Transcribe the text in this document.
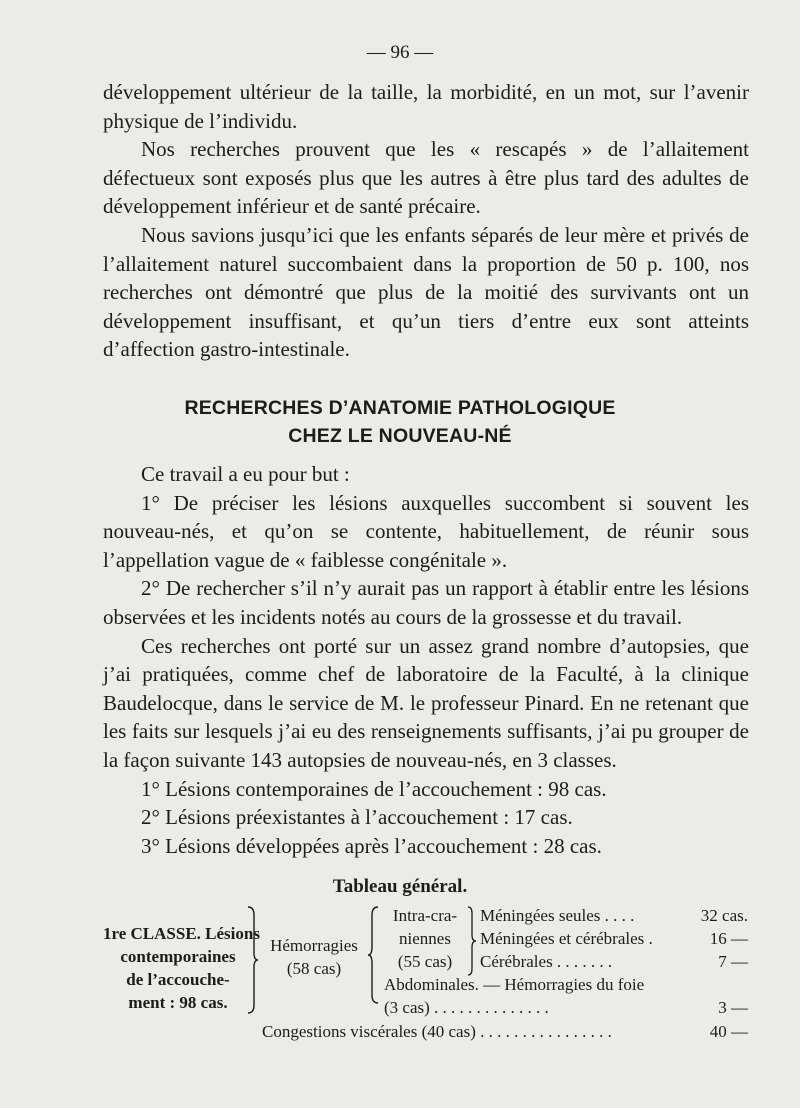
— 96 —

développement ultérieur de la taille, la morbidité, en un mot, sur l’avenir physique de l’individu.

Nos recherches prouvent que les « rescapés » de l’allaitement défectueux sont exposés plus que les autres à être plus tard des adultes de développement inférieur et de santé précaire.

Nous savions jusqu’ici que les enfants séparés de leur mère et privés de l’allaitement naturel succombaient dans la proportion de 50 p. 100, nos recherches ont démontré que plus de la moitié des survivants ont un développement insuffisant, et qu’un tiers d’entre eux sont atteints d’affection gastro-intestinale.

RECHERCHES D’ANATOMIE PATHOLOGIQUE
CHEZ LE NOUVEAU-NÉ

Ce travail a eu pour but :

1° De préciser les lésions auxquelles succombent si souvent les nouveau-nés, et qu’on se contente, habituellement, de réunir sous l’appellation vague de « faiblesse congénitale ».

2° De rechercher s’il n’y aurait pas un rapport à établir entre les lésions observées et les incidents notés au cours de la grossesse et du travail.

Ces recherches ont porté sur un assez grand nombre d’autopsies, que j’ai pratiquées, comme chef de laboratoire de la Faculté, à la clinique Baudelocque, dans le service de M. le professeur Pinard. En ne retenant que les faits sur lesquels j’ai eu des renseignements suffisants, j’ai pu grouper de la façon suivante 143 autopsies de nouveau-nés, en 3 classes.

1° Lésions contemporaines de l’accouchement : 98 cas.

2° Lésions préexistantes à l’accouchement : 17 cas.

3° Lésions développées après l’accouchement : 28 cas.

Tableau général.
1re CLASSE. Lésions
contemporaines
de l’accouche-
ment : 98 cas.
Hémorragies
(58 cas)
Intra-cra-
niennes
(55 cas)
Méningées seules . . . .
Méningées et cérébrales .
Cérébrales . . . . . . .
32 cas.
16 —
7 —
Abdominales. — Hémorragies du foie
(3 cas) . . . . . . . . . . . . . .	3 —
Congestions viscérales (40 cas) . . . . . . . . . . . . . . . .	40 —
